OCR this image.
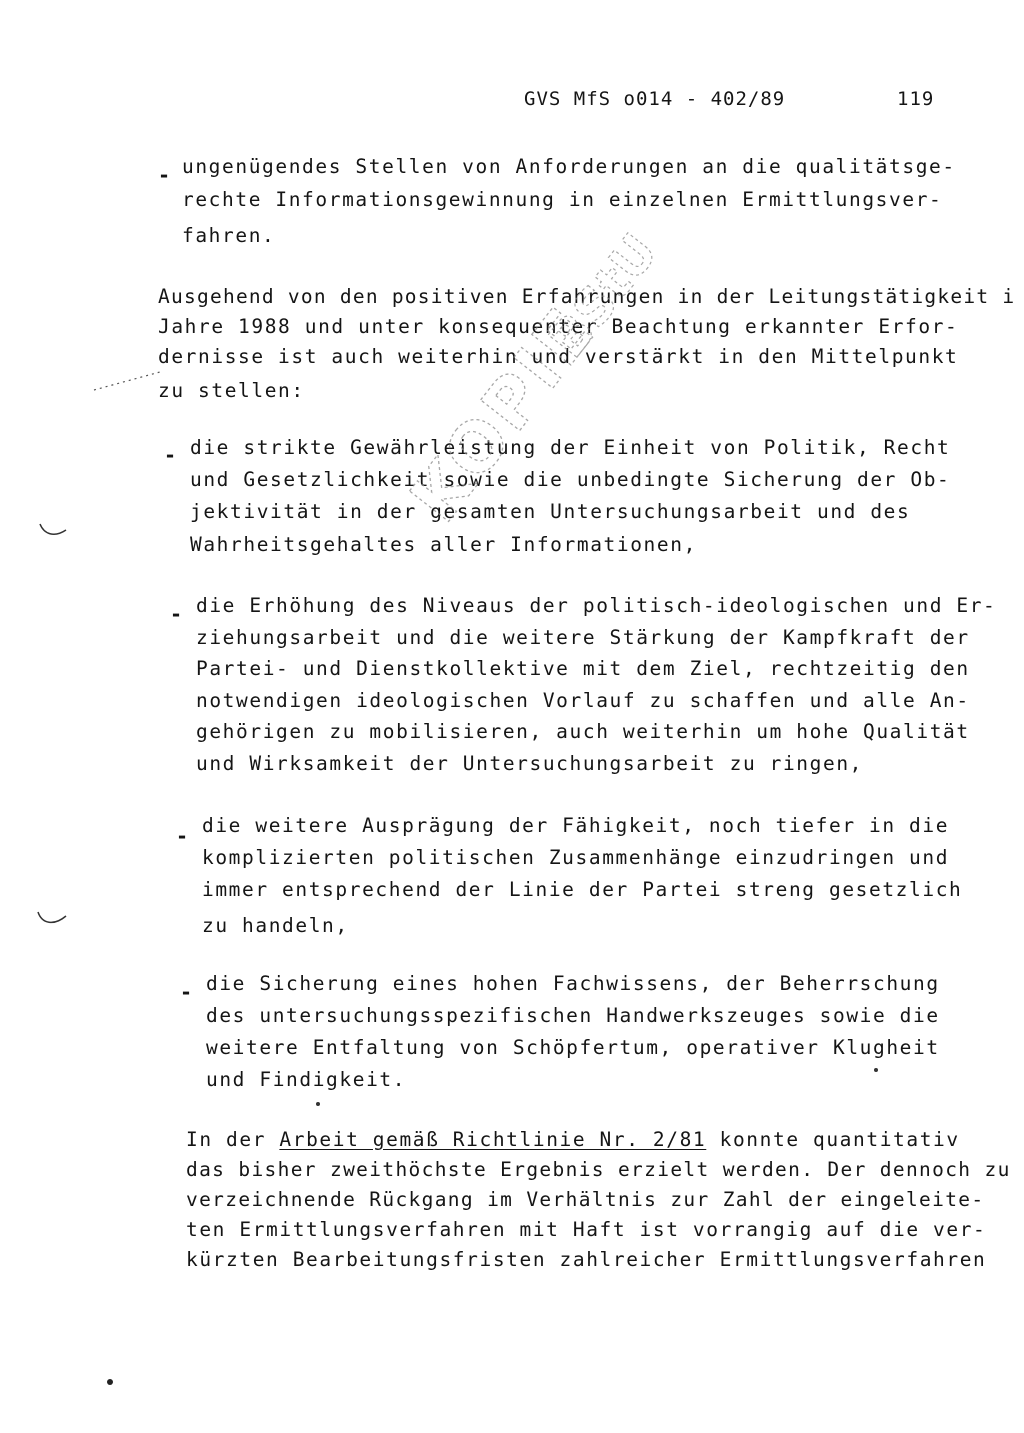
GVS MfS o014 - 402/89	119
- ungenügendes Stellen von Anforderungen an die qualitätsge-
rechte Informationsgewinnung in einzelnen Ermittlungsver-
fahren.
Ausgehend von den positiven Erfahrungen in der Leitungstätigkeit i
Jahre 1988 und unter konsequenter Beachtung erkannter Erfor-
dernisse ist auch weiterhin und verstärkt in den Mittelpunkt
zu stellen:
- die strikte Gewährleistung der Einheit von Politik, Recht
und Gesetzlichkeit sowie die unbedingte Sicherung der Ob-
jektivität in der gesamten Untersuchungsarbeit und des
Wahrheitsgehaltes aller Informationen,
- die Erhöhung des Niveaus der politisch-ideologischen und Er-
ziehungsarbeit und die weitere Stärkung der Kampfkraft der
Partei- und Dienstkollektive mit dem Ziel, rechtzeitig den
notwendigen ideologischen Vorlauf zu schaffen und alle An-
gehörigen zu mobilisieren, auch weiterhin um hohe Qualität
und Wirksamkeit der Untersuchungsarbeit zu ringen,
- die weitere Ausprägung der Fähigkeit, noch tiefer in die
komplizierten politischen Zusammenhänge einzudringen und
immer entsprechend der Linie der Partei streng gesetzlich
zu handeln,
- die Sicherung eines hohen Fachwissens, der Beherrschung
des untersuchungsspezifischen Handwerkszeuges sowie die
weitere Entfaltung von Schöpfertum, operativer Klugheit
und Findigkeit.
In der Arbeit gemäß Richtlinie Nr. 2/81 konnte quantitativ
das bisher zweithöchste Ergebnis erzielt werden. Der dennoch zu
verzeichnende Rückgang im Verhältnis zur Zahl der eingeleite-
ten Ermittlungsverfahren mit Haft ist vorrangig auf die ver-
kürzten Bearbeitungsfristen zahlreicher Ermittlungsverfahren
KOPIE
BStU
